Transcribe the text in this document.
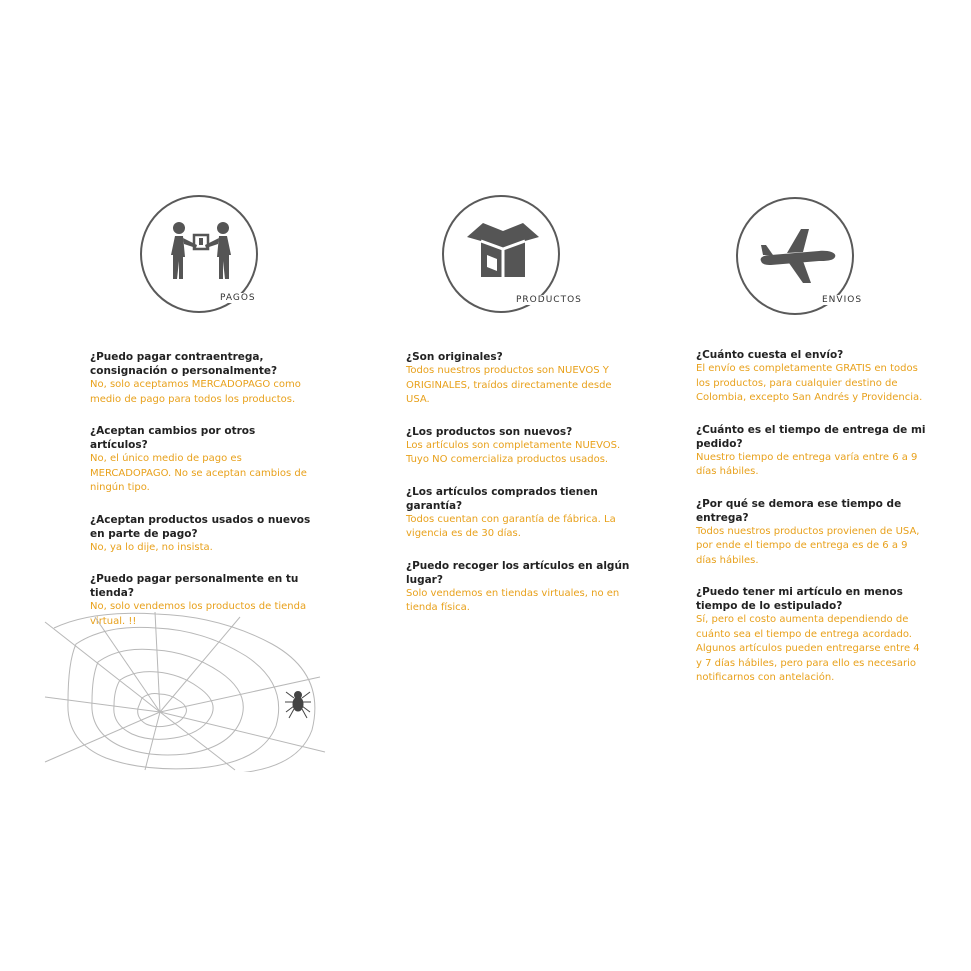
PAGOS

¿Puedo pagar contraentrega, consignación o personalmente?

No, solo aceptamos MERCADOPAGO como medio de pago para todos los productos.

¿Aceptan cambios por otros artículos?

No, el único medio de pago es MERCADOPAGO. No se aceptan cambios de ningún tipo.

¿Aceptan productos usados o nuevos en parte de pago?

No, ya lo dije, no insista.

¿Puedo pagar personalmente en tu tienda?

No, solo vendemos los productos de tienda virtual. !!

PRODUCTOS

¿Son originales?

Todos nuestros productos son NUEVOS Y ORIGINALES, traídos directamente desde USA.

¿Los productos son nuevos?

Los artículos son completamente NUEVOS. Tuyo NO comercializa productos usados.

¿Los artículos comprados tienen garantía?

Todos cuentan con garantía de fábrica. La vigencia es de 30 días.

¿Puedo recoger los artículos en algún lugar?

Solo vendemos en tiendas virtuales, no en tienda física.

ENVIOS

¿Cuánto cuesta el envío?

El envío es completamente GRATIS en todos los productos, para cualquier destino de Colombia, excepto San Andrés y Providencia.

¿Cuánto es el tiempo de entrega de mi pedido?

Nuestro tiempo de entrega varía entre 6 a 9 días hábiles.

¿Por qué se demora ese tiempo de entrega?

Todos nuestros productos provienen de USA, por ende el tiempo de entrega es de 6 a 9 días hábiles.

¿Puedo tener mi artículo en menos tiempo de lo estipulado?

Sí, pero el costo aumenta dependiendo de cuánto sea el tiempo de entrega acordado. Algunos artículos pueden entregarse entre 4 y 7 días hábiles, pero para ello es necesario notificarnos con antelación.
